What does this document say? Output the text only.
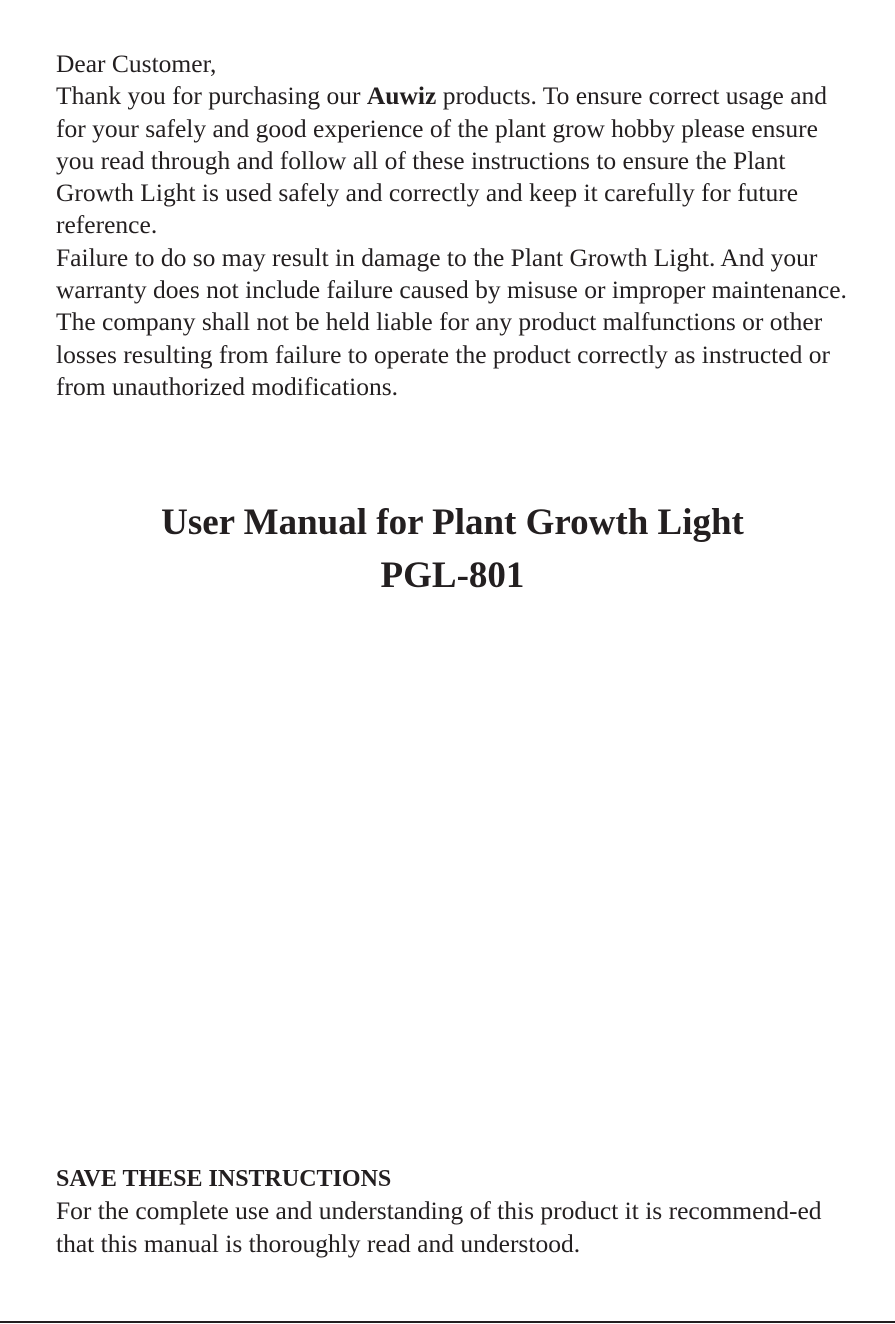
Dear Customer,

Thank you for purchasing our Auwiz products. To ensure correct usage and for your safely and good experience of the plant grow hobby please ensure you read through and follow all of these instructions to ensure the Plant Growth Light is used safely and correctly and keep it carefully for future reference.

Failure to do so may result in damage to the Plant Growth Light. And your warranty does not include failure caused by misuse or improper maintenance.

The company shall not be held liable for any product malfunctions or other losses resulting from failure to operate the product correctly as instructed or from unauthorized modifications.

User Manual for Plant Growth Light
PGL-801

SAVE THESE INSTRUCTIONS

For the complete use and understanding of this product it is recommend-ed that this manual is thoroughly read and understood.
